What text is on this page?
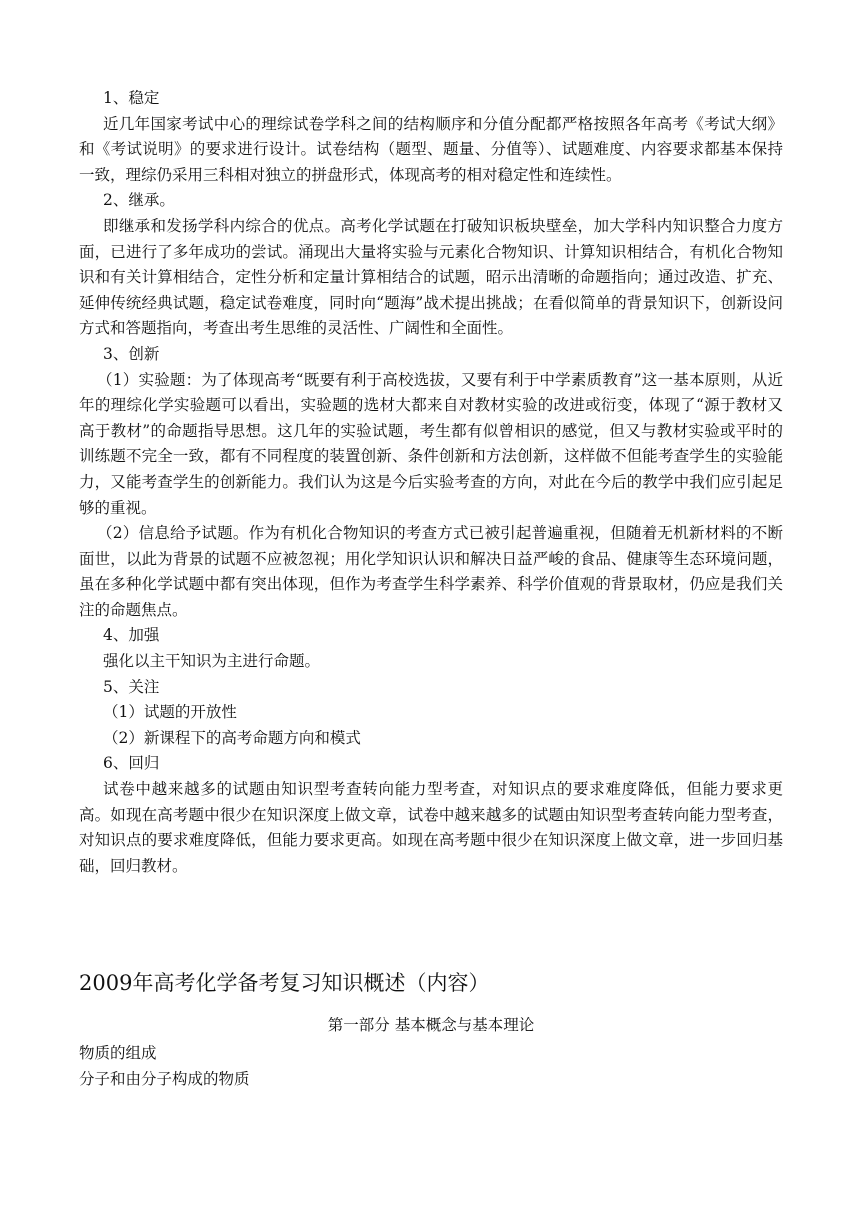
1、稳定

近几年国家考试中心的理综试卷学科之间的结构顺序和分值分配都严格按照各年高考《考试大纲》和《考试说明》的要求进行设计。试卷结构（题型、题量、分值等）、试题难度、内容要求都基本保持一致，理综仍采用三科相对独立的拼盘形式，体现高考的相对稳定性和连续性。

2、继承。

即继承和发扬学科内综合的优点。高考化学试题在打破知识板块壁垒，加大学科内知识整合力度方面，已进行了多年成功的尝试。涌现出大量将实验与元素化合物知识、计算知识相结合，有机化合物知识和有关计算相结合，定性分析和定量计算相结合的试题，昭示出清晰的命题指向；通过改造、扩充、延伸传统经典试题，稳定试卷难度，同时向“题海”战术提出挑战；在看似简单的背景知识下，创新设问方式和答题指向，考查出考生思维的灵活性、广阔性和全面性。

3、创新

（1）实验题：为了体现高考“既要有利于高校选拔，又要有利于中学素质教育”这一基本原则，从近年的理综化学实验题可以看出，实验题的选材大都来自对教材实验的改进或衍变，体现了“源于教材又高于教材”的命题指导思想。这几年的实验试题，考生都有似曾相识的感觉，但又与教材实验或平时的训练题不完全一致，都有不同程度的装置创新、条件创新和方法创新，这样做不但能考查学生的实验能力，又能考查学生的创新能力。我们认为这是今后实验考查的方向，对此在今后的教学中我们应引起足够的重视。

（2）信息给予试题。作为有机化合物知识的考查方式已被引起普遍重视，但随着无机新材料的不断面世，以此为背景的试题不应被忽视；用化学知识认识和解决日益严峻的食品、健康等生态环境问题，虽在多种化学试题中都有突出体现，但作为考查学生科学素养、科学价值观的背景取材，仍应是我们关注的命题焦点。

4、加强

强化以主干知识为主进行命题。

5、关注

（1）试题的开放性

（2）新课程下的高考命题方向和模式

6、回归

试卷中越来越多的试题由知识型考查转向能力型考查，对知识点的要求难度降低，但能力要求更高。如现在高考题中很少在知识深度上做文章，试卷中越来越多的试题由知识型考查转向能力型考查，对知识点的要求难度降低，但能力要求更高。如现在高考题中很少在知识深度上做文章，进一步回归基础，回归教材。

2009年高考化学备考复习知识概述（内容）

第一部分 基本概念与基本理论

物质的组成

分子和由分子构成的物质
